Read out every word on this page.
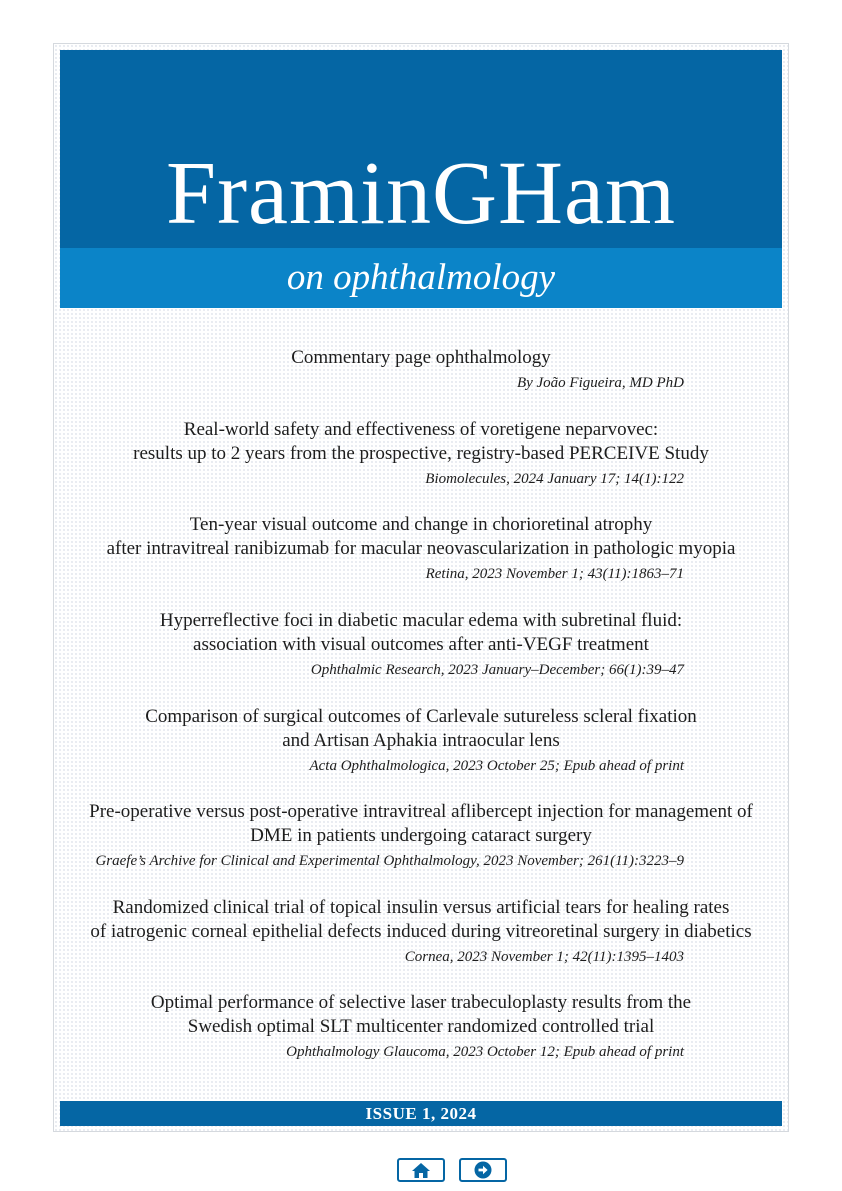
FraminGHam
on ophthalmology
Commentary page ophthalmology
By João Figueira, MD PhD
Real-world safety and effectiveness of voretigene neparvovec:
results up to 2 years from the prospective, registry-based PERCEIVE Study
Biomolecules, 2024 January 17; 14(1):122
Ten-year visual outcome and change in chorioretinal atrophy
after intravitreal ranibizumab for macular neovascularization in pathologic myopia
Retina, 2023 November 1; 43(11):1863–71
Hyperreflective foci in diabetic macular edema with subretinal fluid:
association with visual outcomes after anti-VEGF treatment
Ophthalmic Research, 2023 January–December; 66(1):39–47
Comparison of surgical outcomes of Carlevale sutureless scleral fixation
and Artisan Aphakia intraocular lens
Acta Ophthalmologica, 2023 October 25; Epub ahead of print
Pre-operative versus post-operative intravitreal aflibercept injection for management of
DME in patients undergoing cataract surgery
Graefe’s Archive for Clinical and Experimental Ophthalmology, 2023 November; 261(11):3223–9
Randomized clinical trial of topical insulin versus artificial tears for healing rates
of iatrogenic corneal epithelial defects induced during vitreoretinal surgery in diabetics
Cornea, 2023 November 1; 42(11):1395–1403
Optimal performance of selective laser trabeculoplasty results from the
Swedish optimal SLT multicenter randomized controlled trial
Ophthalmology Glaucoma, 2023 October 12; Epub ahead of print
ISSUE 1, 2024
